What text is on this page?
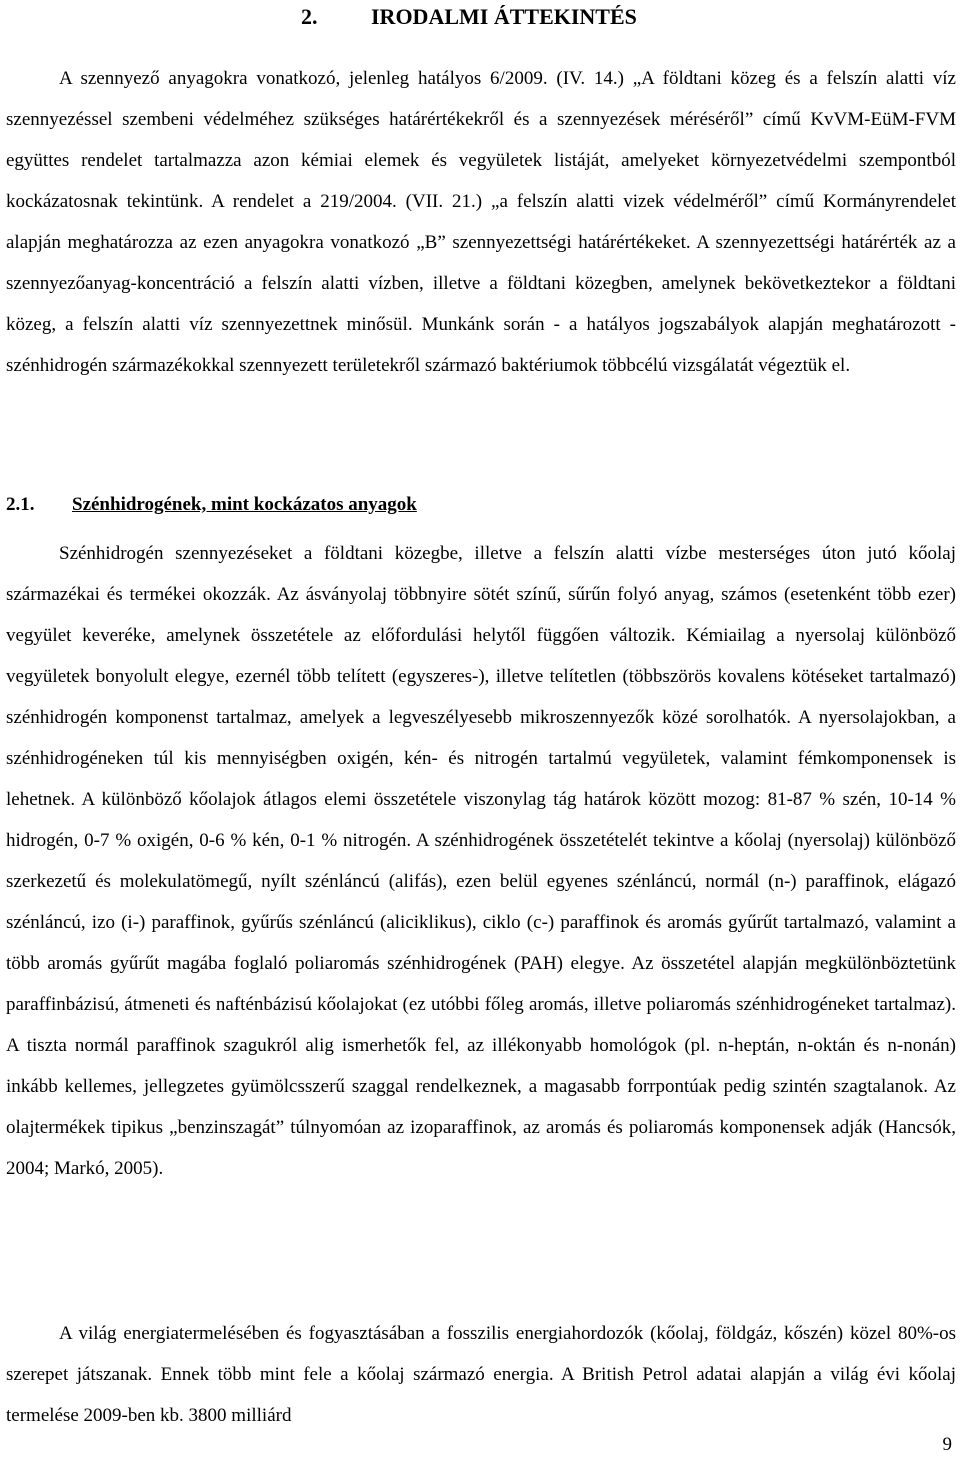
2. IRODALMI ÁTTEKINTÉS

A szennyező anyagokra vonatkozó, jelenleg hatályos 6/2009. (IV. 14.) „A földtani közeg és a felszín alatti víz szennyezéssel szembeni védelméhez szükséges határértékekről és a szennyezések méréséről” című KvVM-EüM-FVM együttes rendelet tartalmazza azon kémiai elemek és vegyületek listáját, amelyeket környezetvédelmi szempontból kockázatosnak tekintünk. A rendelet a 219/2004. (VII. 21.) „a felszín alatti vizek védelméről” című Kormányrendelet alapján meghatározza az ezen anyagokra vonatkozó „B” szennyezettségi határértékeket. A szennyezettségi határérték az a szennyezőanyag-koncentráció a felszín alatti vízben, illetve a földtani közegben, amelynek bekövetkeztekor a földtani közeg, a felszín alatti víz szennyezettnek minősül. Munkánk során - a hatályos jogszabályok alapján meghatározott - szénhidrogén származékokkal szennyezett területekről származó baktériumok többcélú vizsgálatát végeztük el.

2.1. Szénhidrogének, mint kockázatos anyagok

Szénhidrogén szennyezéseket a földtani közegbe, illetve a felszín alatti vízbe mesterséges úton jutó kőolaj származékai és termékei okozzák. Az ásványolaj többnyire sötét színű, sűrűn folyó anyag, számos (esetenként több ezer) vegyület keveréke, amelynek összetétele az előfordulási helytől függően változik. Kémiailag a nyersolaj különböző vegyületek bonyolult elegye, ezernél több telített (egyszeres-), illetve telítetlen (többszörös kovalens kötéseket tartalmazó) szénhidrogén komponenst tartalmaz, amelyek a legveszélyesebb mikroszennyezők közé sorolhatók. A nyersolajokban, a szénhidrogéneken túl kis mennyiségben oxigén, kén- és nitrogén tartalmú vegyületek, valamint fémkomponensek is lehetnek. A különböző kőolajok átlagos elemi összetétele viszonylag tág határok között mozog: 81-87 % szén, 10-14 % hidrogén, 0-7 % oxigén, 0-6 % kén, 0-1 % nitrogén. A szénhidrogének összetételét tekintve a kőolaj (nyersolaj) különböző szerkezetű és molekulatömegű, nyílt szénláncú (alifás), ezen belül egyenes szénláncú, normál (n-) paraffinok, elágazó szénláncú, izo (i-) paraffinok, gyűrűs szénláncú (aliciklikus), ciklo (c-) paraffinok és aromás gyűrűt tartalmazó, valamint a több aromás gyűrűt magába foglaló poliaromás szénhidrogének (PAH) elegye. Az összetétel alapján megkülönböztetünk paraffinbázisú, átmeneti és nafténbázisú kőolajokat (ez utóbbi főleg aromás, illetve poliaromás szénhidrogéneket tartalmaz). A tiszta normál paraffinok szagukról alig ismerhetők fel, az illékonyabb homológok (pl. n-heptán, n-oktán és n-nonán) inkább kellemes, jellegzetes gyümölcsszerű szaggal rendelkeznek, a magasabb forrpontúak pedig szintén szagtalanok. Az olajtermékek tipikus „benzinszagát” túlnyomóan az izoparaffinok, az aromás és poliaromás komponensek adják (Hancsók, 2004; Markó, 2005).

A világ energiatermelésében és fogyasztásában a fosszilis energiahordozók (kőolaj, földgáz, kőszén) közel 80%-os szerepet játszanak. Ennek több mint fele a kőolaj származó energia. A British Petrol adatai alapján a világ évi kőolaj termelése 2009-ben kb. 3800 milliárd

9
